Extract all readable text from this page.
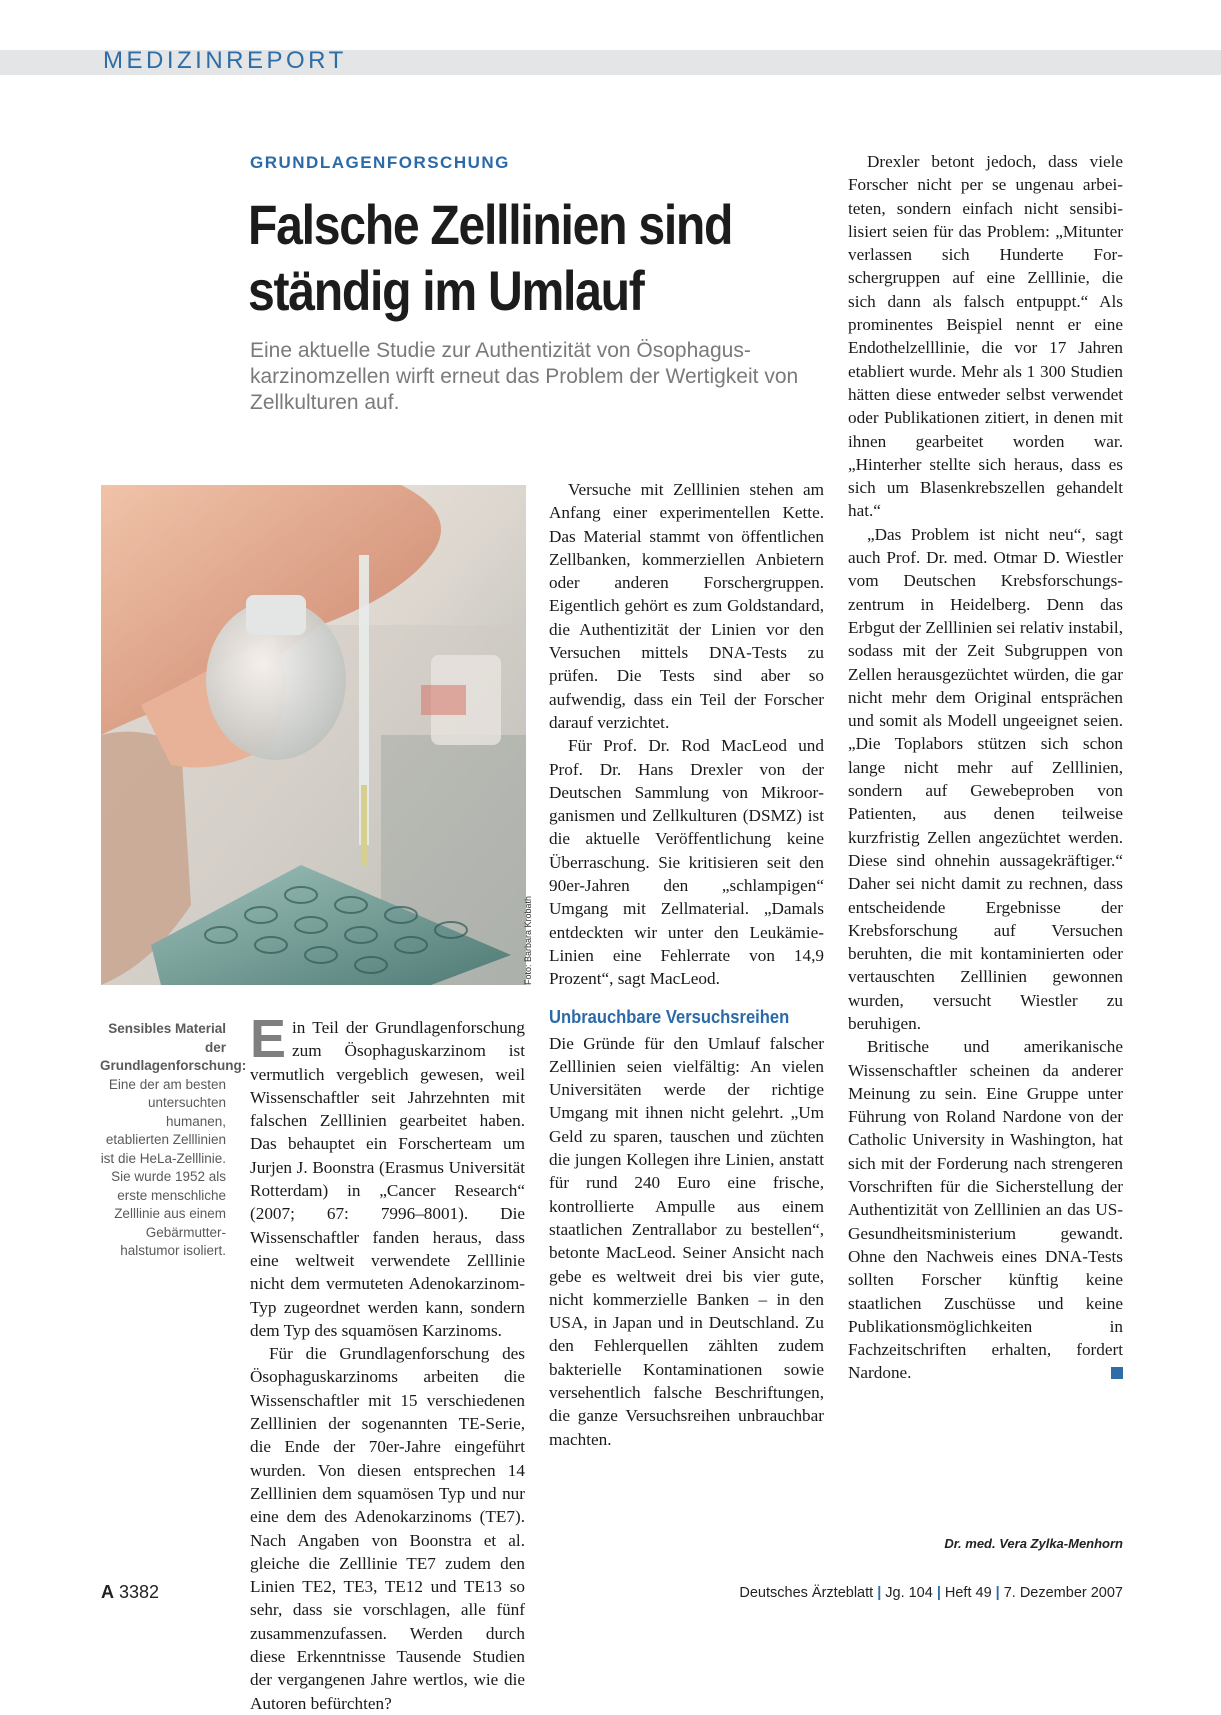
MEDIZINREPORT
GRUNDLAGENFORSCHUNG
Falsche Zelllinien sind
ständig im Umlauf

Eine aktuelle Studie zur Authentizität von Ösophaguskarzinomzellen wirft erneut das Problem der Wertigkeit von Zellkulturen auf.

Foto: Barbara Krobath
Sensibles Material der Grundlagenforschung: Eine der am besten untersuchten humanen, etablierten Zelllinien ist die HeLa-Zelllinie. Sie wurde 1952 als erste menschliche Zelllinie aus einem Gebärmutterhalstumor isoliert.

Ein Teil der Grundlagenforschung zum Ösophaguskarzinom ist vermutlich vergeblich gewesen, weil Wissenschaftler seit Jahrzehnten mit falschen Zelllinien gearbeitet haben. Das behauptet ein Forscherteam um Jurjen J. Boonstra (Erasmus Universität Rotterdam) in „Cancer Research“ (2007; 67: 7996–8001). Die Wissenschaftler fanden heraus, dass eine weltweit verwendete Zelllinie nicht dem vermuteten Adenokarzinom-Typ zugeordnet werden kann, sondern dem Typ des squamösen Karzinoms.

Für die Grundlagenforschung des Ösophaguskarzinoms arbeiten die Wissenschaftler mit 15 verschiedenen Zelllinien der sogenannten TE-Serie, die Ende der 70er-Jahre eingeführt wurden. Von diesen entsprechen 14 Zelllinien dem squamösen Typ und nur eine dem des Adenokarzinoms (TE7). Nach Angaben von Boonstra et al. gleiche die Zelllinie TE7 zudem den Linien TE2, TE3, TE12 und TE13 so sehr, dass sie vorschlagen, alle fünf zusammenzufassen. Werden durch diese Erkenntnisse Tausende Studien der vergangenen Jahre wertlos, wie die Autoren befürchten?

Versuche mit Zelllinien stehen am Anfang einer experimentellen Kette. Das Material stammt von öffentlichen Zellbanken, kommerziellen Anbietern oder anderen Forschergruppen. Eigentlich gehört es zum Goldstandard, die Authentizität der Linien vor den Versuchen mittels DNA-Tests zu prüfen. Die Tests sind aber so aufwendig, dass ein Teil der Forscher darauf verzichtet.

Für Prof. Dr. Rod MacLeod und Prof. Dr. Hans Drexler von der Deutschen Sammlung von Mikroorganismen und Zellkulturen (DSMZ) ist die aktuelle Veröffentlichung keine Überraschung. Sie kritisieren seit den 90er-Jahren den „schlampigen“ Umgang mit Zellmaterial. „Damals entdeckten wir unter den Leukämie-Linien eine Fehlerrate von 14,9 Prozent“, sagt MacLeod.

Unbrauchbare Versuchsreihen

Die Gründe für den Umlauf falscher Zelllinien seien vielfältig: An vielen Universitäten werde der richtige Umgang mit ihnen nicht gelehrt. „Um Geld zu sparen, tauschen und züchten die jungen Kollegen ihre Linien, anstatt für rund 240 Euro eine frische, kontrollierte Ampulle aus einem staatlichen Zentrallabor zu bestellen“, betonte MacLeod. Seiner Ansicht nach gebe es weltweit drei bis vier gute, nicht kommerzielle Banken – in den USA, in Japan und in Deutschland. Zu den Fehlerquellen zählten zudem bakterielle Kontaminationen sowie versehentlich falsche Beschriftungen, die ganze Versuchsreihen unbrauchbar machten.

Drexler betont jedoch, dass viele Forscher nicht per se ungenau arbeiteten, sondern einfach nicht sensibilisiert seien für das Problem: „Mitunter verlassen sich Hunderte Forschergruppen auf eine Zelllinie, die sich dann als falsch entpuppt.“ Als prominentes Beispiel nennt er eine Endothelzelllinie, die vor 17 Jahren etabliert wurde. Mehr als 1 300 Studien hätten diese entweder selbst verwendet oder Publikationen zitiert, in denen mit ihnen gearbeitet worden war. „Hinterher stellte sich heraus, dass es sich um Blasenkrebszellen gehandelt hat.“

„Das Problem ist nicht neu“, sagt auch Prof. Dr. med. Otmar D. Wiestler vom Deutschen Krebsforschungszentrum in Heidelberg. Denn das Erbgut der Zelllinien sei relativ instabil, sodass mit der Zeit Subgruppen von Zellen herausgezüchtet würden, die gar nicht mehr dem Original entsprächen und somit als Modell ungeeignet seien. „Die Toplabors stützen sich schon lange nicht mehr auf Zelllinien, sondern auf Gewebeproben von Patienten, aus denen teilweise kurzfristig Zellen angezüchtet werden. Diese sind ohnehin aussagekräftiger.“ Daher sei nicht damit zu rechnen, dass entscheidende Ergebnisse der Krebsforschung auf Versuchen beruhten, die mit kontaminierten oder vertauschten Zelllinien gewonnen wurden, versucht Wiestler zu beruhigen.

Britische und amerikanische Wissenschaftler scheinen da anderer Meinung zu sein. Eine Gruppe unter Führung von Roland Nardone von der Catholic University in Washington, hat sich mit der Forderung nach strengeren Vorschriften für die Sicherstellung der Authentizität von Zelllinien an das US-Gesundheitsministerium gewandt. Ohne den Nachweis eines DNA-Tests sollten Forscher künftig keine staatlichen Zuschüsse und keine Publikationsmöglichkeiten in Fachzeitschriften erhalten, fordert Nardone.

Dr. med. Vera Zylka-Menhorn
A 3382	Deutsches Ärzteblatt | Jg. 104 | Heft 49 | 7. Dezember 2007
